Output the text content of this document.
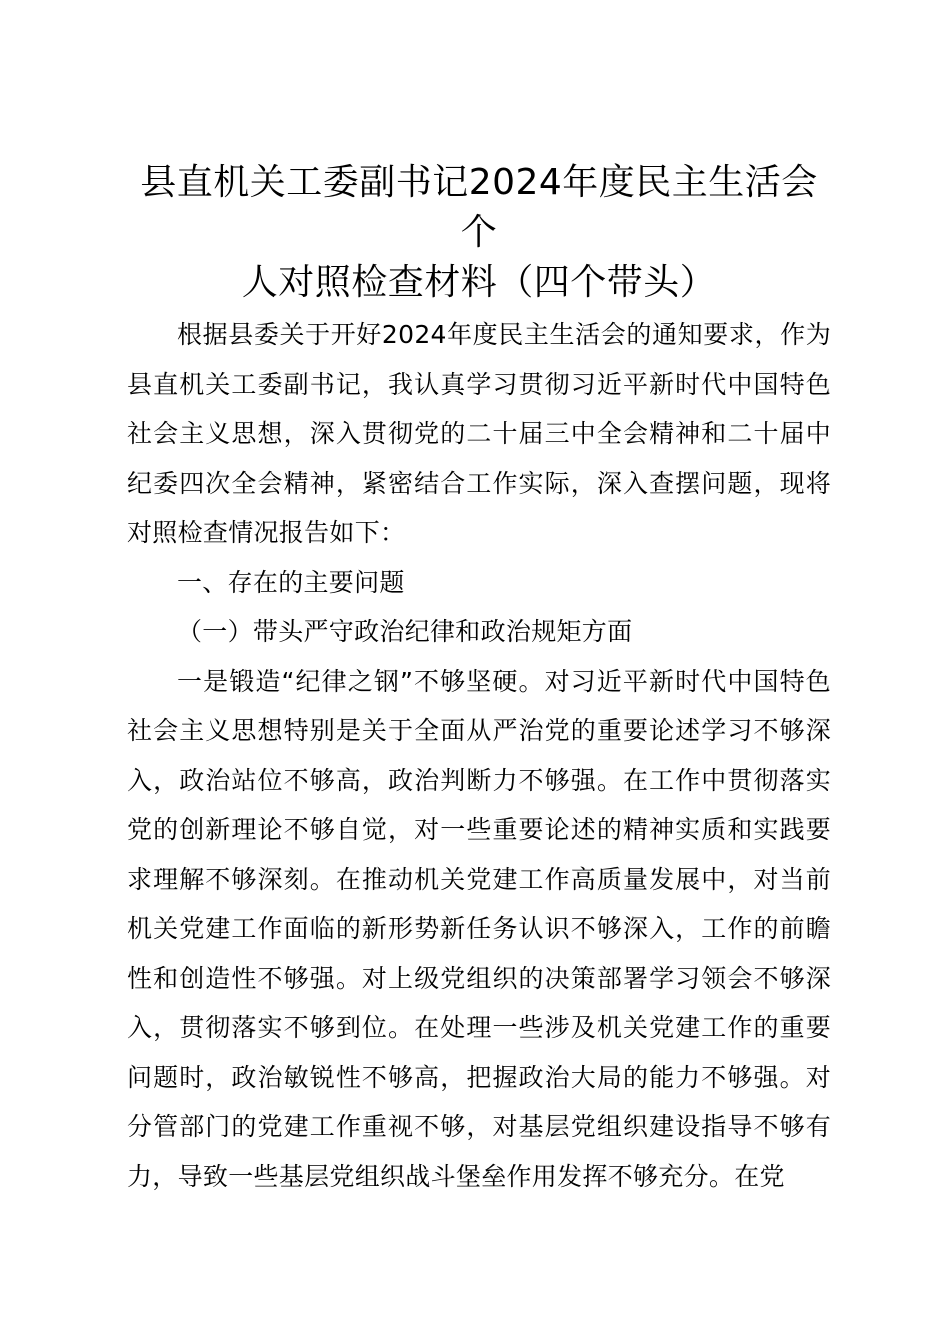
县直机关工委副书记2024年度民主生活会个
人对照检查材料（四个带头）

根据县委关于开好2024年度民主生活会的通知要求，作为县直机关工委副书记，我认真学习贯彻习近平新时代中国特色社会主义思想，深入贯彻党的二十届三中全会精神和二十届中纪委四次全会精神，紧密结合工作实际，深入查摆问题，现将对照检查情况报告如下：

一、存在的主要问题

（一）带头严守政治纪律和政治规矩方面

一是锻造“纪律之钢”不够坚硬。对习近平新时代中国特色社会主义思想特别是关于全面从严治党的重要论述学习不够深入，政治站位不够高，政治判断力不够强。在工作中贯彻落实党的创新理论不够自觉，对一些重要论述的精神实质和实践要求理解不够深刻。在推动机关党建工作高质量发展中，对当前机关党建工作面临的新形势新任务认识不够深入，工作的前瞻性和创造性不够强。对上级党组织的决策部署学习领会不够深入，贯彻落实不够到位。在处理一些涉及机关党建工作的重要问题时，政治敏锐性不够高，把握政治大局的能力不够强。对分管部门的党建工作重视不够，对基层党组织建设指导不够有力，导致一些基层党组织战斗堡垒作用发挥不够充分。在党
